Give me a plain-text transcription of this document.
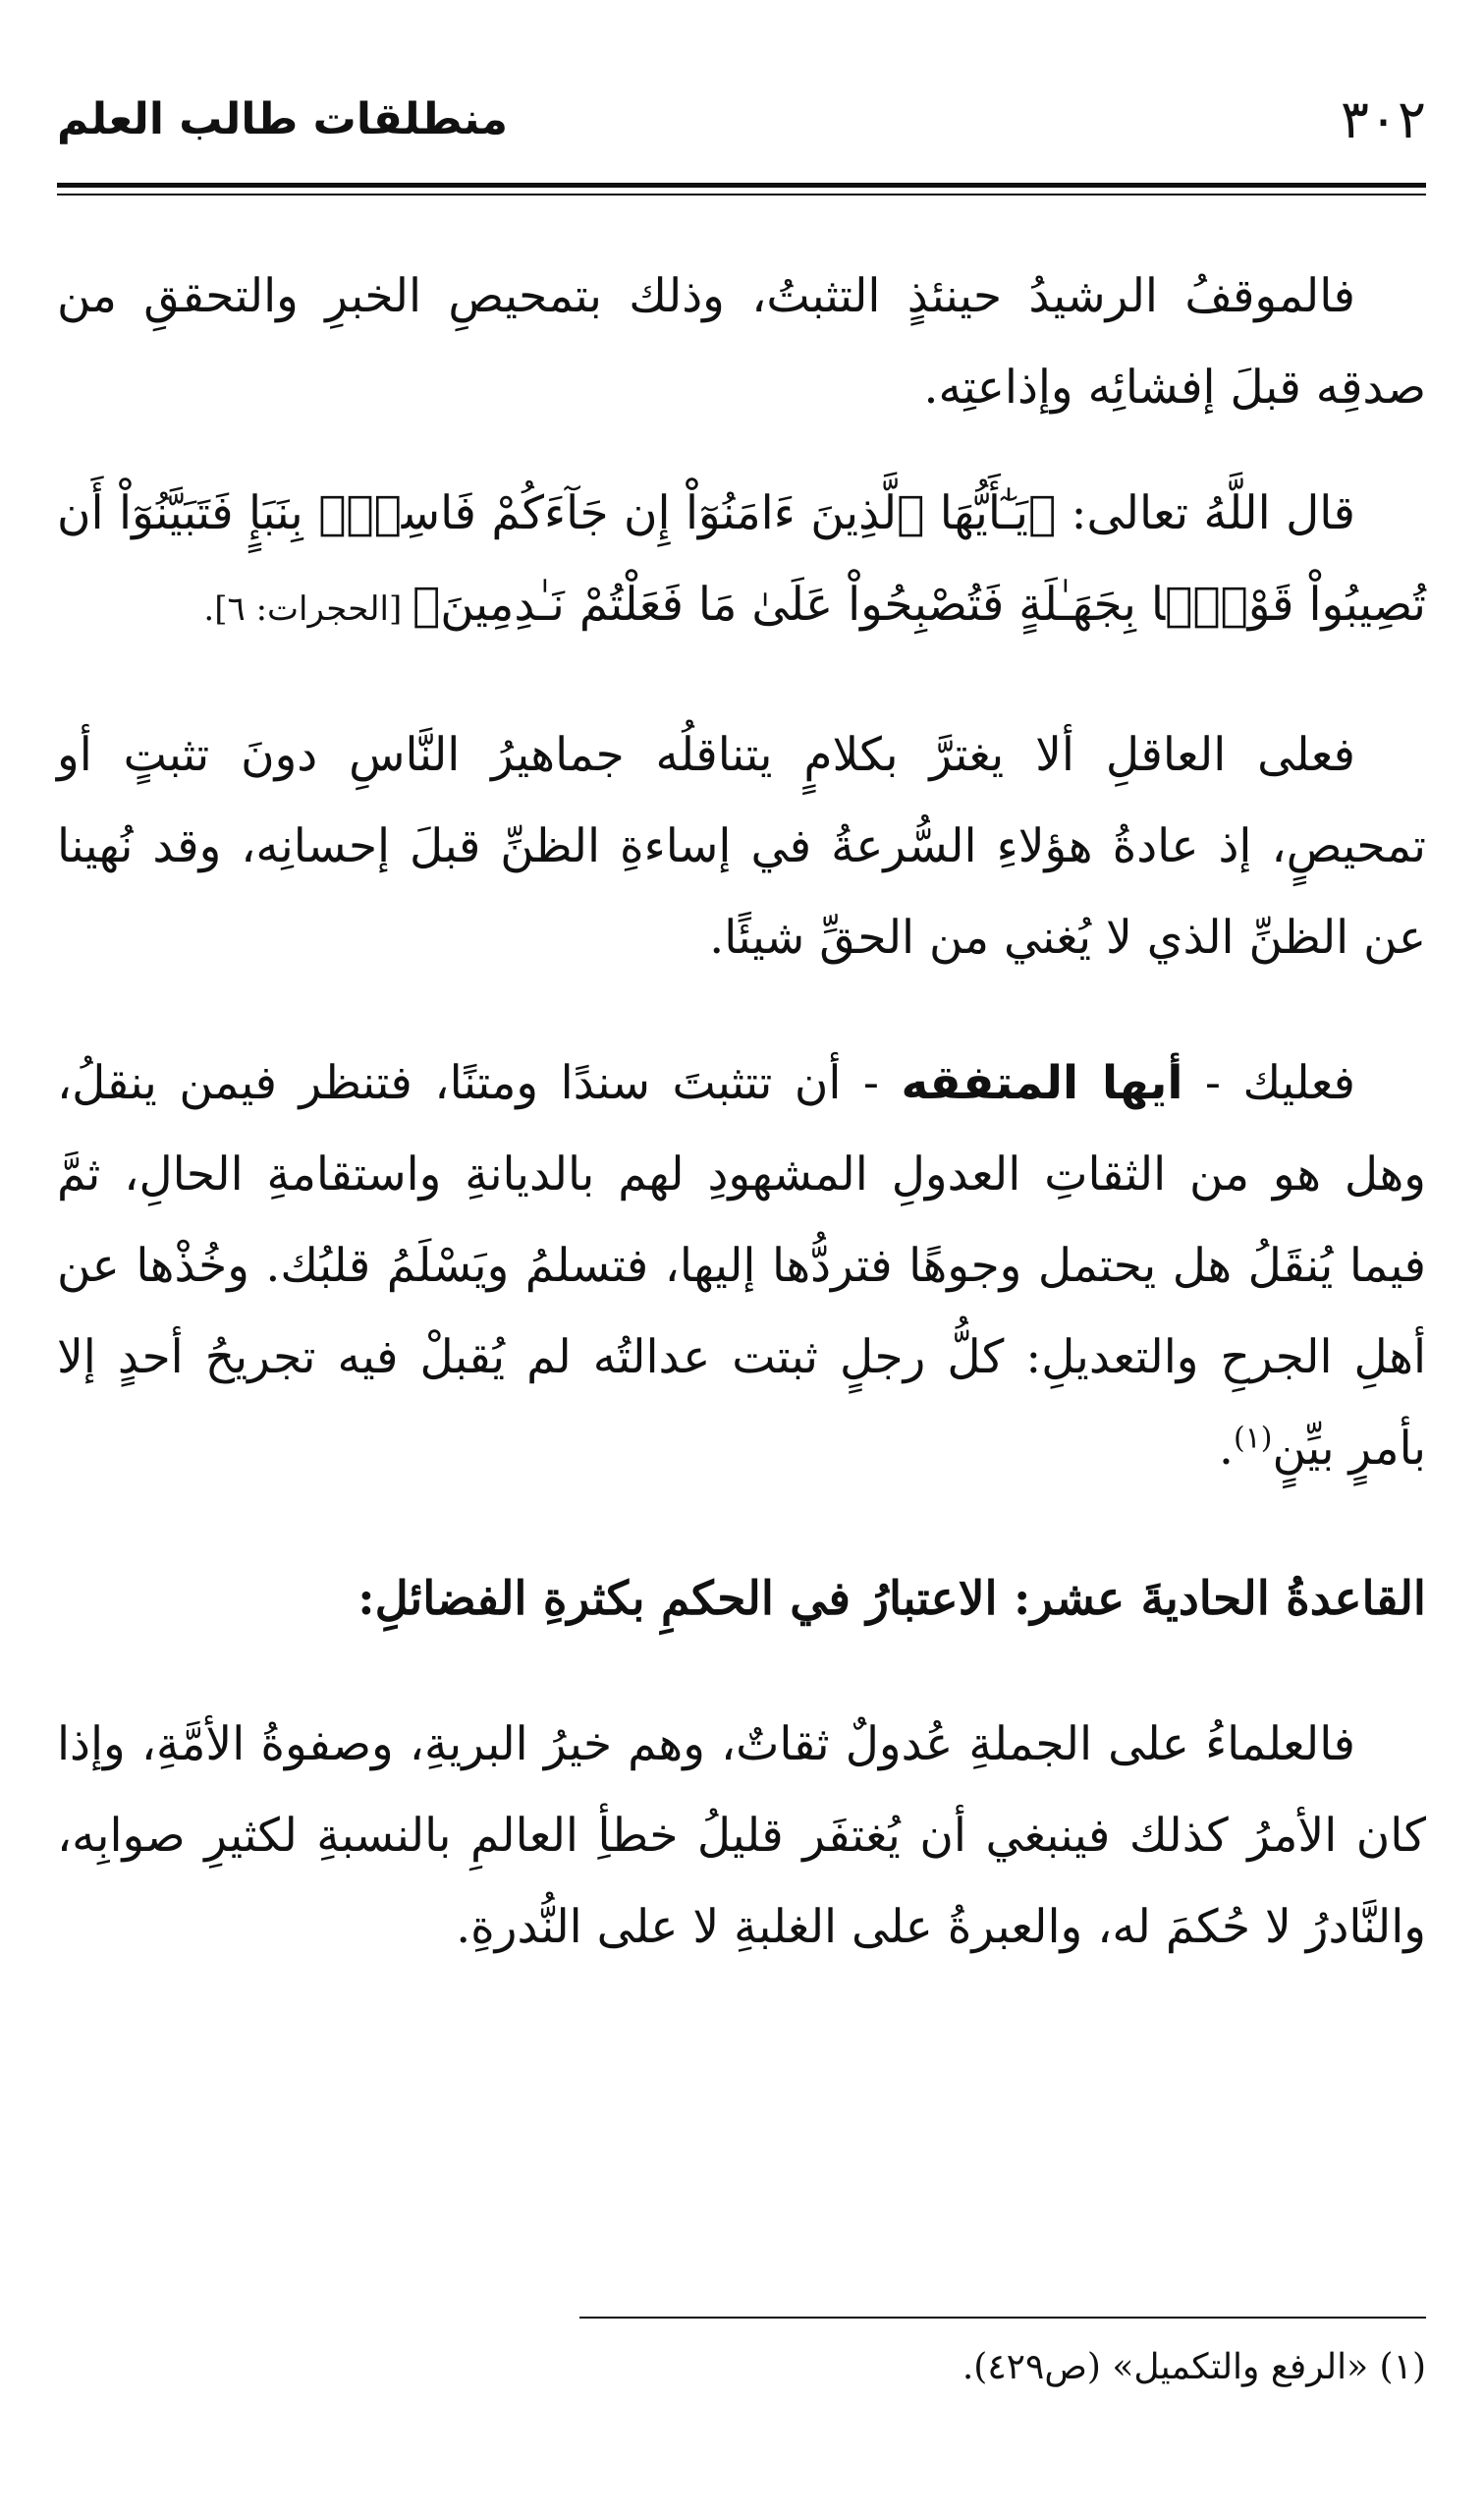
٣٠٢
منطلقات طالب العلم

فالموقفُ الرشيدُ حينئذٍ التثبتُ، وذلك بتمحيصِ الخبرِ والتحققِ من صدقِه قبلَ إفشائِه وإذاعتِه.

قال اللَّهُ تعالى: ﴿يَـٰٓأَيُّهَا ٱلَّذِينَ ءَامَنُوٓاْ إِن جَآءَكُمْ فَاسِقُۢ بِنَبَإٍ فَتَبَيَّنُوٓاْ أَن تُصِيبُواْ قَوْمًۢا بِجَهَـٰلَةٍ فَتُصْبِحُواْ عَلَىٰ مَا فَعَلْتُمْ نَـٰدِمِينَ﴾ [الحجرات: ٦].

فعلى العاقلِ ألا يغترَّ بكلامٍ يتناقلُه جماهيرُ النَّاسِ دونَ تثبتٍ أو تمحيصٍ، إذ عادةُ هؤلاءِ السُّرعةُ في إساءةِ الظنِّ قبلَ إحسانِه، وقد نُهينا عن الظنِّ الذي لا يُغني من الحقِّ شيئًا.

فعليك - أيها المتفقه - أن تتثبتَ سندًا ومتنًا، فتنظر فيمن ينقلُ، وهل هو من الثقاتِ العدولِ المشهودِ لهم بالديانةِ واستقامةِ الحالِ، ثمَّ فيما يُنقَلُ هل يحتمل وجوهًا فتردُّها إليها، فتسلمُ ويَسْلَمُ قلبُك. وخُذْها عن أهلِ الجرحِ والتعديلِ: كلُّ رجلٍ ثبتت عدالتُه لم يُقبلْ فيه تجريحُ أحدٍ إلا بأمرٍ بيِّنٍ$^{(١)}$.

القاعدةُ الحاديةَ عشر: الاعتبارُ في الحكمِ بكثرةِ الفضائلِ:

فالعلماءُ على الجملةِ عُدولٌ ثقاتٌ، وهم خيرُ البريةِ، وصفوةُ الأمَّةِ، وإذا كان الأمرُ كذلك فينبغي أن يُغتفَر قليلُ خطأِ العالمِ بالنسبةِ لكثيرِ صوابِه، والنَّادرُ لا حُكمَ له، والعبرةُ على الغلبةِ لا على النُّدرةِ.

(١) «الرفع والتكميل» (ص٤٢٩).
